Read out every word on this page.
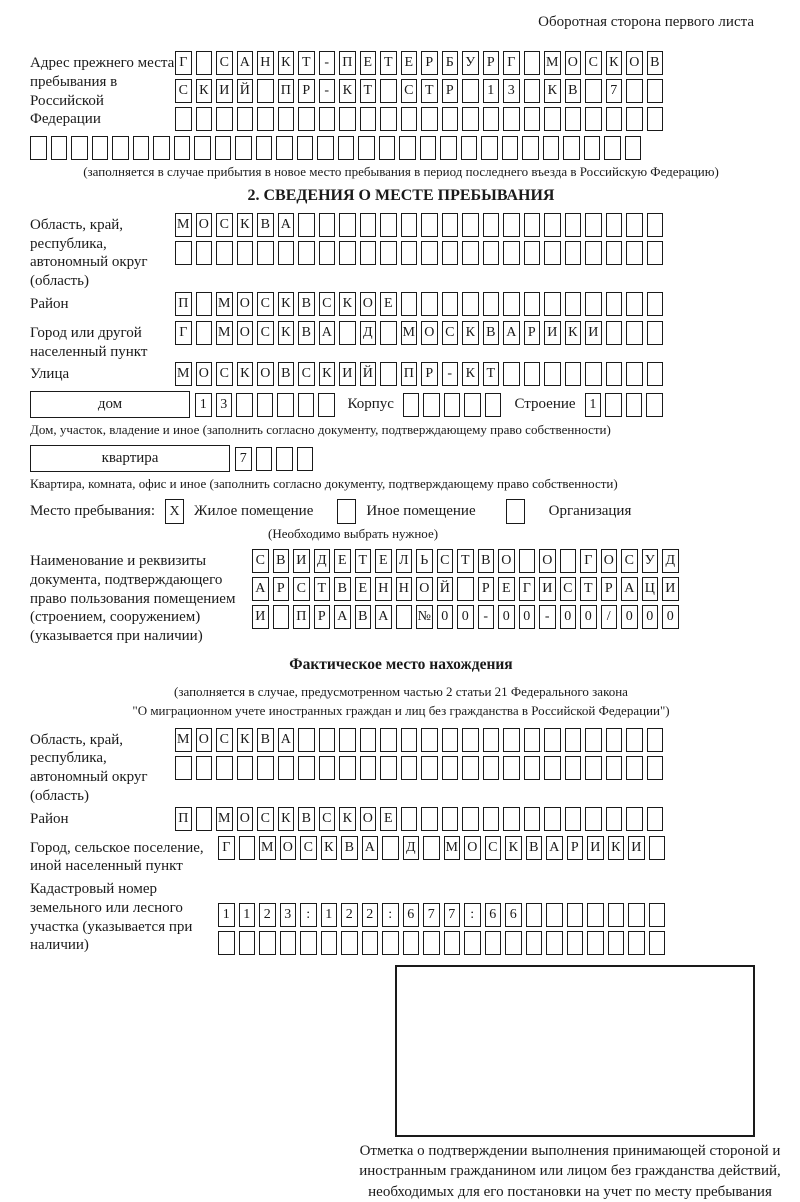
Оборотная сторона первого листа
Адрес прежнего места пребывания в Российской Федерации
Г	С А Н К Т - П Е Т Е Р Б У Р Г	М О С К О В
С К И Й П Р	- К Т С Т Р	1 3	К В	7
(заполняется в случае прибытия в новое место пребывания в период последнего въезда в Российскую Федерацию)
2. СВЕДЕНИЯ О МЕСТЕ ПРЕБЫВАНИЯ
Область, край, республика, автономный округ (область)
М О С К В А
Район	П М О С К В С К О Е
Город или другой населенный пункт
Г	М О С К В А Д М О С К В А Р И К И
Улица	М О С К О В С К И Й П Р	- К Т
дом	1 3	Корпус	Строение 1
Дом, участок, владение и иное (заполнить согласно документу, подтверждающему право собственности)
квартира	7
Квартира, комната, офис и иное (заполнить согласно документу, подтверждающему право собственности)
Место пребывания:	X Жилое помещение	Иное помещение	Организация
(Необходимо выбрать нужное)
Наименование и реквизиты документа, подтверждающего право пользования помещением (строением, сооружением) (указывается при наличии)
С В И Д Е Т Е Л Ь С Т В О О	Г О С У Д
А Р С Т В Е Н Н О Й	Р Е Г И С Т Р А Ц И
И П Р А В А № 0 0	-	0 0	-	0 0	/	0 0 0
Фактическое место нахождения
(заполняется в случае, предусмотренном частью 2 статьи 21 Федерального закона
"О миграционном учете иностранных граждан и лиц без гражданства в Российской Федерации")
Область, край, республика, автономный округ (область)
М О С К В А
Район	П М О С К В С К О Е
Город, сельское поселение, иной населенный пункт
Г	М О С К В А Д М О С К В А Р И К И
Кадастровый номер земельного или лесного участка (указывается при наличии)
1 1 2 3	:	1 2 2	:	6 7 7	:	6 6
Отметка о подтверждении выполнения принимающей стороной и иностранным гражданином или лицом без гражданства действий, необходимых для его постановки на учет по месту пребывания
